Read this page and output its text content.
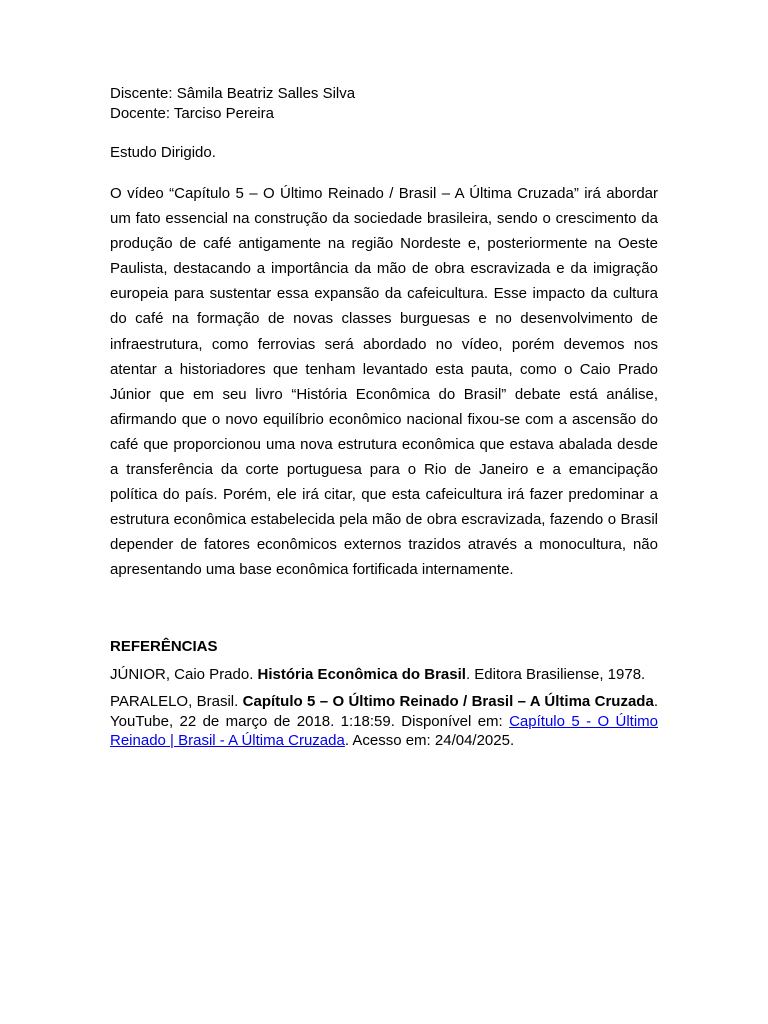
Discente: Sâmila Beatriz Salles Silva

Docente: Tarciso Pereira

Estudo Dirigido.

O vídeo “Capítulo 5 – O Último Reinado / Brasil – A Última Cruzada” irá abordar um fato essencial na construção da sociedade brasileira, sendo o crescimento da produção de café antigamente na região Nordeste e, posteriormente na Oeste Paulista, destacando a importância da mão de obra escravizada e da imigração europeia para sustentar essa expansão da cafeicultura. Esse impacto da cultura do café na formação de novas classes burguesas e no desenvolvimento de infraestrutura, como ferrovias será abordado no vídeo, porém devemos nos atentar a historiadores que tenham levantado esta pauta, como o Caio Prado Júnior que em seu livro “História Econômica do Brasil” debate está análise, afirmando que o novo equilíbrio econômico nacional fixou-se com a ascensão do café que proporcionou uma nova estrutura econômica que estava abalada desde a transferência da corte portuguesa para o Rio de Janeiro e a emancipação política do país. Porém, ele irá citar, que esta cafeicultura irá fazer predominar a estrutura econômica estabelecida pela mão de obra escravizada, fazendo o Brasil depender de fatores econômicos externos trazidos através a monocultura, não apresentando uma base econômica fortificada internamente.

REFERÊNCIAS

JÚNIOR, Caio Prado. História Econômica do Brasil. Editora Brasiliense, 1978.

PARALELO, Brasil. Capítulo 5 – O Último Reinado / Brasil – A Última Cruzada. YouTube, 22 de março de 2018. 1:18:59. Disponível em: Capítulo 5 - O Último Reinado | Brasil - A Última Cruzada. Acesso em: 24/04/2025.
